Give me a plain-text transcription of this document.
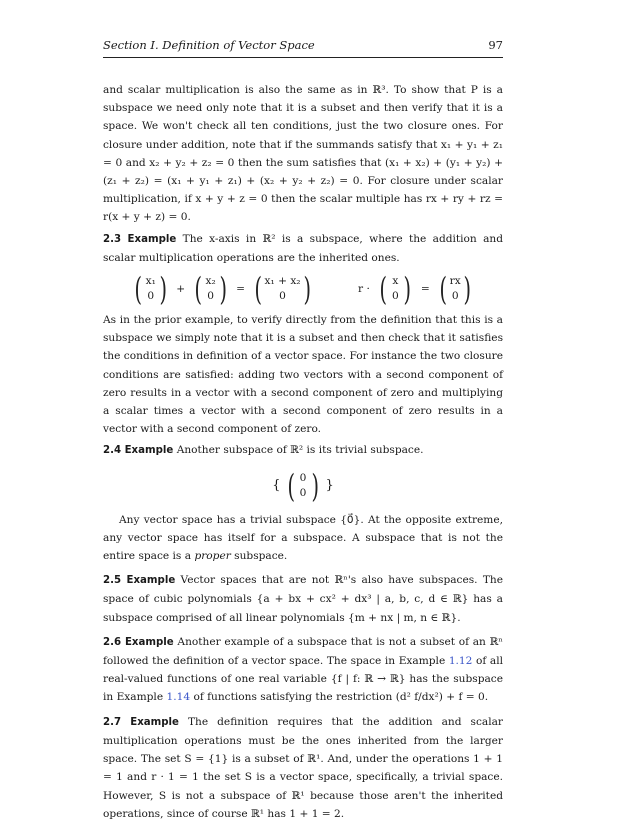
Section I. Definition of Vector Space	97

and scalar multiplication is also the same as in ℝ³. To show that P is a subspace we need only note that it is a subset and then verify that it is a space. We won't check all ten conditions, just the two closure ones. For closure under addition, note that if the summands satisfy that x₁ + y₁ + z₁ = 0 and x₂ + y₂ + z₂ = 0 then the sum satisfies that (x₁ + x₂) + (y₁ + y₂) + (z₁ + z₂) = (x₁ + y₁ + z₁) + (x₂ + y₂ + z₂) = 0. For closure under scalar multiplication, if x + y + z = 0 then the scalar multiple has rx + ry + rz = r(x + y + z) = 0.

2.3 Example The x-axis in ℝ² is a subspace, where the addition and scalar multiplication operations are the inherited ones.

( x₁
0 ) + ( x₂
0 ) = ( x₁ + x₂
0 )	r · ( x
0 ) = ( rx
0 )

As in the prior example, to verify directly from the definition that this is a subspace we simply note that it is a subset and then check that it satisfies the conditions in definition of a vector space. For instance the two closure conditions are satisfied: adding two vectors with a second component of zero results in a vector with a second component of zero and multiplying a scalar times a vector with a second component of zero results in a vector with a second component of zero.

2.4 Example Another subspace of ℝ² is its trivial subspace.

{ ( 0
0 ) }

Any vector space has a trivial subspace {0⃗}. At the opposite extreme, any vector space has itself for a subspace. A subspace that is not the entire space is a proper subspace.

2.5 Example Vector spaces that are not ℝⁿ's also have subspaces. The space of cubic polynomials {a + bx + cx² + dx³ | a, b, c, d ∈ ℝ} has a subspace comprised of all linear polynomials {m + nx | m, n ∈ ℝ}.

2.6 Example Another example of a subspace that is not a subset of an ℝⁿ followed the definition of a vector space. The space in Example 1.12 of all real-valued functions of one real variable {f | f: ℝ → ℝ} has the subspace in Example 1.14 of functions satisfying the restriction (d² f/dx²) + f = 0.

2.7 Example The definition requires that the addition and scalar multiplication operations must be the ones inherited from the larger space. The set S = {1} is a subset of ℝ¹. And, under the operations 1 + 1 = 1 and r · 1 = 1 the set S is a vector space, specifically, a trivial space. However, S is not a subspace of ℝ¹ because those aren't the inherited operations, since of course ℝ¹ has 1 + 1 = 2.
